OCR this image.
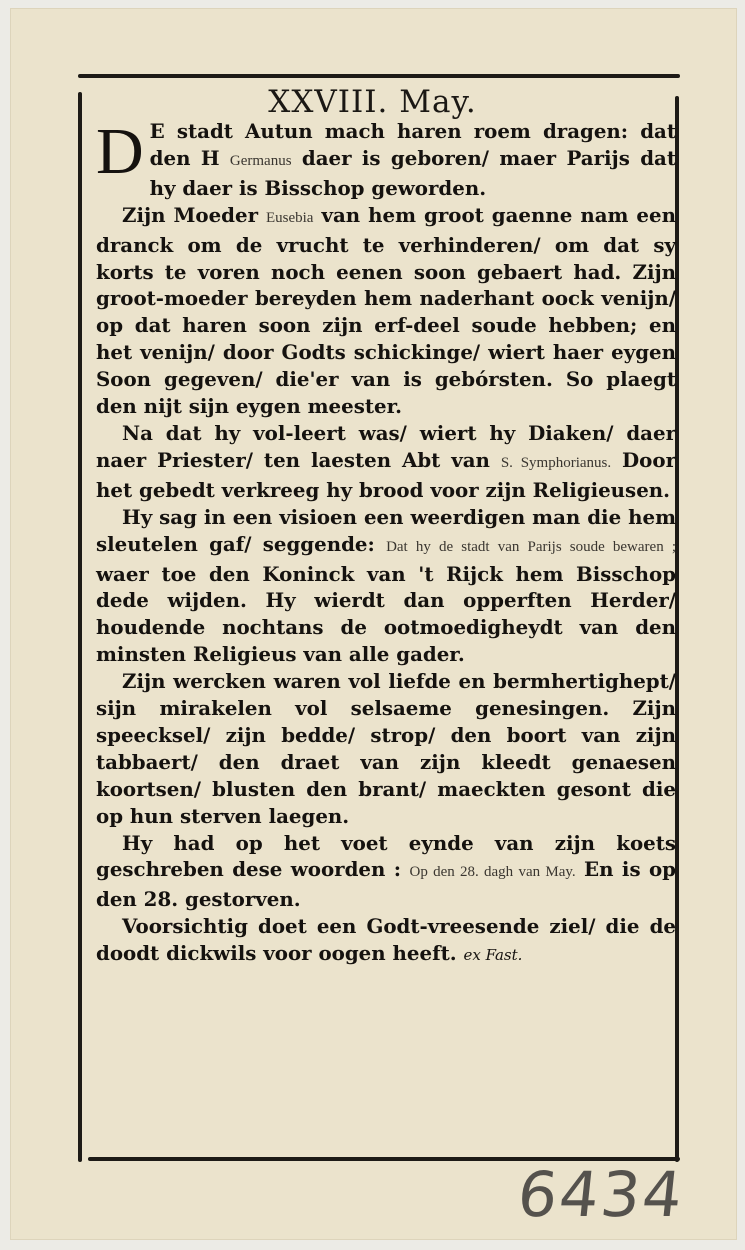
XXVIII. May.

D E stadt Autun mach haren roem dragen: dat den H Germanus daer is geboren/ maer Parijs dat hy daer is Bisschop geworden.

Zijn Moeder Eusebia van hem groot gaenne nam een dranck om de vrucht te verhinderen/ om dat sy korts te voren noch eenen soon gebaert had. Zijn groot-moeder bereyden hem naderhant oock venijn/ op dat haren soon zijn erf-deel soude hebben; en het venijn/ door Godts schickinge/ wiert haer eygen Soon gegeven/ die'er van is gebórsten. So plaegt den nijt sijn eygen meester.

Na dat hy vol-leert was/ wiert hy Diaken/ daer naer Priester/ ten laesten Abt van S. Symphorianus. Door het gebedt verkreeg hy brood voor zijn Religieusen.

Hy sag in een visioen een weerdigen man die hem sleutelen gaf/ seggende: Dat hy de stadt van Parijs soude bewaren ; waer toe den Koninck van 't Rijck hem Bisschop dede wijden. Hy wierdt dan opperften Herder/ houdende nochtans de ootmoedigheydt van den minsten Religieus van alle gader.

Zijn wercken waren vol liefde en bermhertighept/ sijn mirakelen vol selsaeme genesingen. Zijn speecksel/ zijn bedde/ strop/ den boort van zijn tabbaert/ den draet van zijn kleedt genaesen koortsen/ blusten den brant/ maeckten gesont die op hun sterven laegen.

Hy had op het voet eynde van zijn koets geschreben dese woorden : Op den 28. dagh van May. En is op den 28. gestorven.

Voorsichtig doet een Godt-vreesende ziel/ die de doodt dickwils voor oogen heeft. ex Fast.

6434
